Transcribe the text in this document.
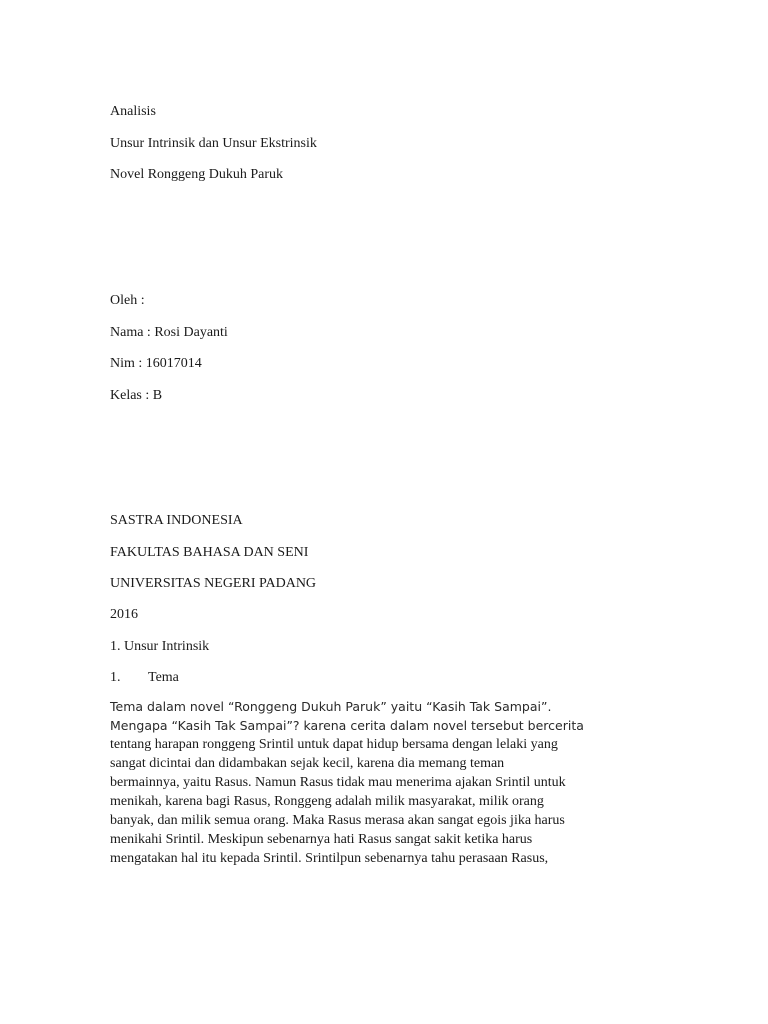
Analisis
Unsur Intrinsik dan Unsur Ekstrinsik
Novel Ronggeng Dukuh Paruk
Oleh :
Nama : Rosi Dayanti
Nim : 16017014
Kelas : B
SASTRA INDONESIA
FAKULTAS BAHASA DAN SENI
UNIVERSITAS NEGERI PADANG
2016
1. Unsur Intrinsik
1. Tema
Tema dalam novel “Ronggeng Dukuh Paruk” yaitu “Kasih Tak Sampai”.
Mengapa “Kasih Tak Sampai”? karena cerita dalam novel tersebut bercerita
tentang harapan ronggeng Srintil untuk dapat hidup bersama dengan lelaki yang
sangat dicintai dan didambakan sejak kecil, karena dia memang teman
bermainnya, yaitu Rasus. Namun Rasus tidak mau menerima ajakan Srintil untuk
menikah, karena bagi Rasus, Ronggeng adalah milik masyarakat, milik orang
banyak, dan milik semua orang. Maka Rasus merasa akan sangat egois jika harus
menikahi Srintil. Meskipun sebenarnya hati Rasus sangat sakit ketika harus
mengatakan hal itu kepada Srintil. Srintilpun sebenarnya tahu perasaan Rasus,
